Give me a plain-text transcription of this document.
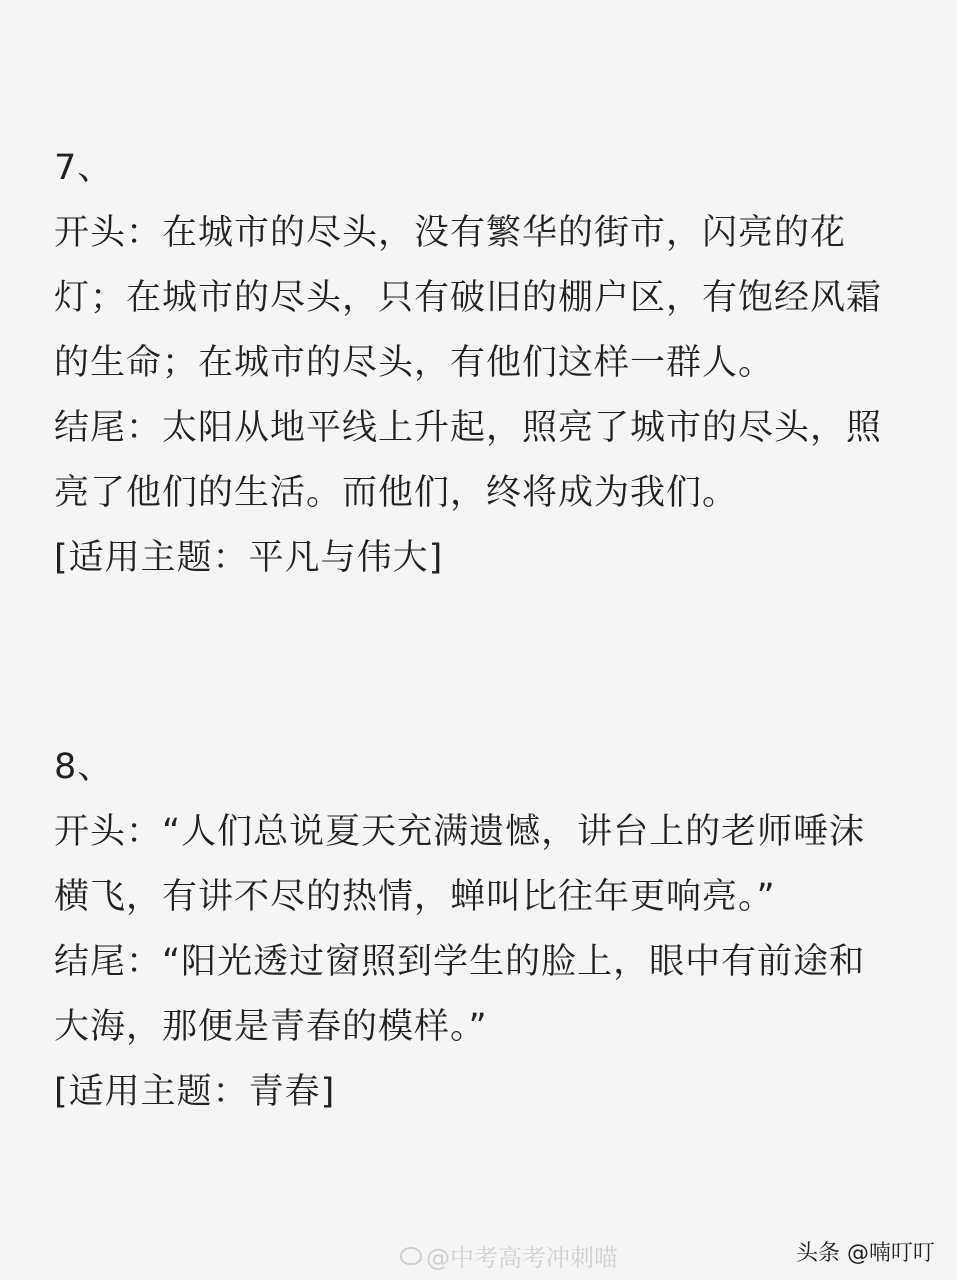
7、
开头：在城市的尽头，没有繁华的街市，闪亮的花
灯；在城市的尽头，只有破旧的棚户区，有饱经风霜
的生命；在城市的尽头，有他们这样一群人。
结尾：太阳从地平线上升起，照亮了城市的尽头，照
亮了他们的生活。而他们，终将成为我们。
[适用主题：平凡与伟大]
8、
开头：“人们总说夏天充满遗憾，讲台上的老师唾沫
横飞，有讲不尽的热情，蝉叫比往年更响亮。”
结尾：“阳光透过窗照到学生的脸上，眼中有前途和
大海，那便是青春的模样。”
[适用主题：青春]
@中考高考冲刺喵	头条 @喃叮叮
